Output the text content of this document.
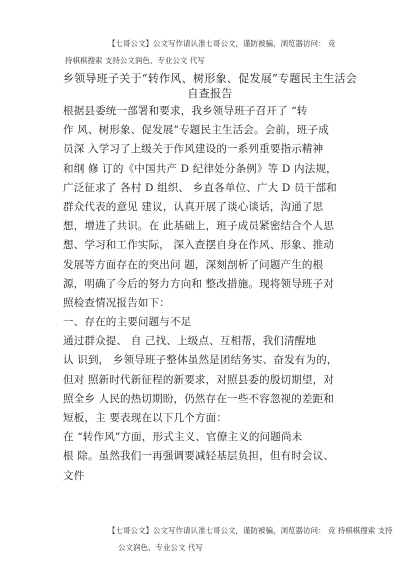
【七哥公文】公文写作请认准七哥公文，谨防被骗，浏览器访问： 竞
持棋棋搜索 支持公文润色、专业公文 代写
乡领导班子关于“转作风、树形象、促发展”专题民主生活会
自查报告
根据县委统一部署和要求，我乡领导班子召开了 “转
作 风、树形象、促发展”专题民主生活会。会前，班子成
员深 入学习了上级关于作风建设的一系列重要指示精神
和纲 修 订的《中国共产 D 纪律处分条例》等 D 内法规，
广泛征求了 各村 D 组织、 乡直各单位、广大 D 员干部和
群众代表的意见 建议，认真开展了谈心谈话，沟通了思
想，增进了共识。在 此基础上，班子成员紧密结合个人思
想、学习和工作实际， 深入查摆自身在作风、形象、推动
发展等方面存在的突出问 题，深刻剖析了问题产生的根
源，明确了今后的努力方向和 整改措施。现将领导班子对
照检查情况报告如下：
一、存在的主要问题与不足
通过群众提、 自 己找、上级点、互相帮，我们清醒地
认 识到， 乡领导班子整体虽然是团结务实、奋发有为的，
但对 照新时代新征程的新要求，对照县委的殷切期望，对
照全乡 人民的热切期盼，仍然存在一些不容忽视的差距和
短板，主 要表现在以下几个方面：
在 “转作风”方面，形式主义、官僚主义的问题尚未
根 除。虽然我们一再强调要减轻基层负担，但有时会议、
文件
【七哥公文】公文写作请认准七哥公文，谨防被骗，浏览器访问： 竞 持棋棋搜索 支持
公文润色、专业公文 代写
